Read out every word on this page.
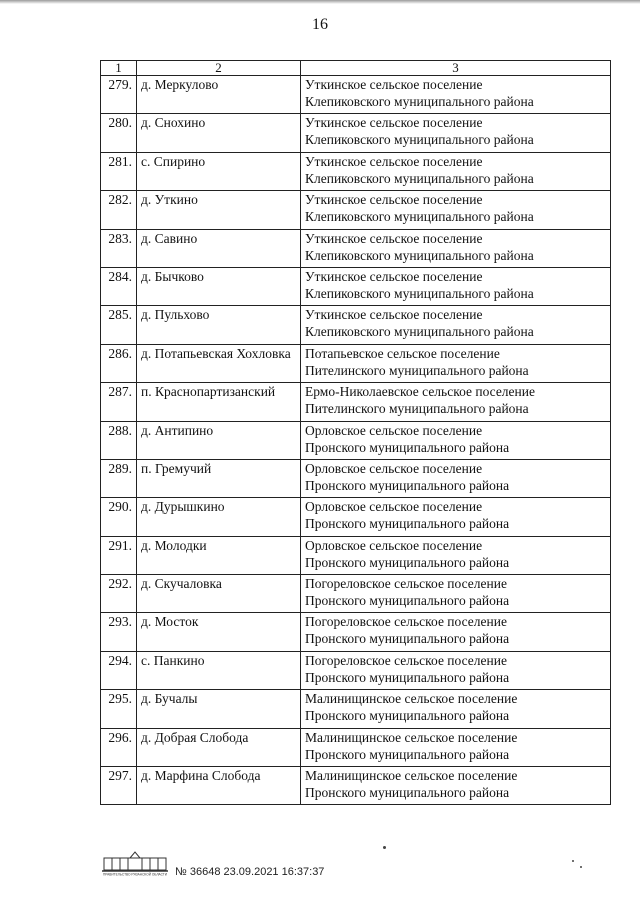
16
1	2	3
279.	д. Меркулово	Уткинское сельское поселение
Клепиковского муниципального района

280.	д. Снохино	Уткинское сельское поселение
Клепиковского муниципального района

281.	с. Спирино	Уткинское сельское поселение
Клепиковского муниципального района

282.	д. Уткино	Уткинское сельское поселение
Клепиковского муниципального района

283.	д. Савино	Уткинское сельское поселение
Клепиковского муниципального района

284.	д. Бычково	Уткинское сельское поселение
Клепиковского муниципального района

285.	д. Пульхово	Уткинское сельское поселение
Клепиковского муниципального района

286.	д. Потапьевская Хохловка	Потапьевское сельское поселение
Пителинского муниципального района

287.	п. Краснопартизанский	Ермо-Николаевское сельское поселение
Пителинского муниципального района

288.	д. Антипино	Орловское сельское поселение
Пронского муниципального района

289.	п. Гремучий	Орловское сельское поселение
Пронского муниципального района

290.	д. Дурышкино	Орловское сельское поселение
Пронского муниципального района

291.	д. Молодки	Орловское сельское поселение
Пронского муниципального района

292.	д. Скучаловка	Погореловское сельское поселение
Пронского муниципального района

293.	д. Мосток	Погореловское сельское поселение
Пронского муниципального района

294.	с. Панкино	Погореловское сельское поселение
Пронского муниципального района

295.	д. Бучалы	Малинищинское сельское поселение
Пронского муниципального района

296.	д. Добрая Слобода	Малинищинское сельское поселение
Пронского муниципального района

297.	д. Марфина Слобода	Малинищинское сельское поселение
Пронского муниципального района
ПРАВИТЕЛЬСТВО РЯЗАНСКОЙ ОБЛАСТИ № 36648 23.09.2021 16:37:37
